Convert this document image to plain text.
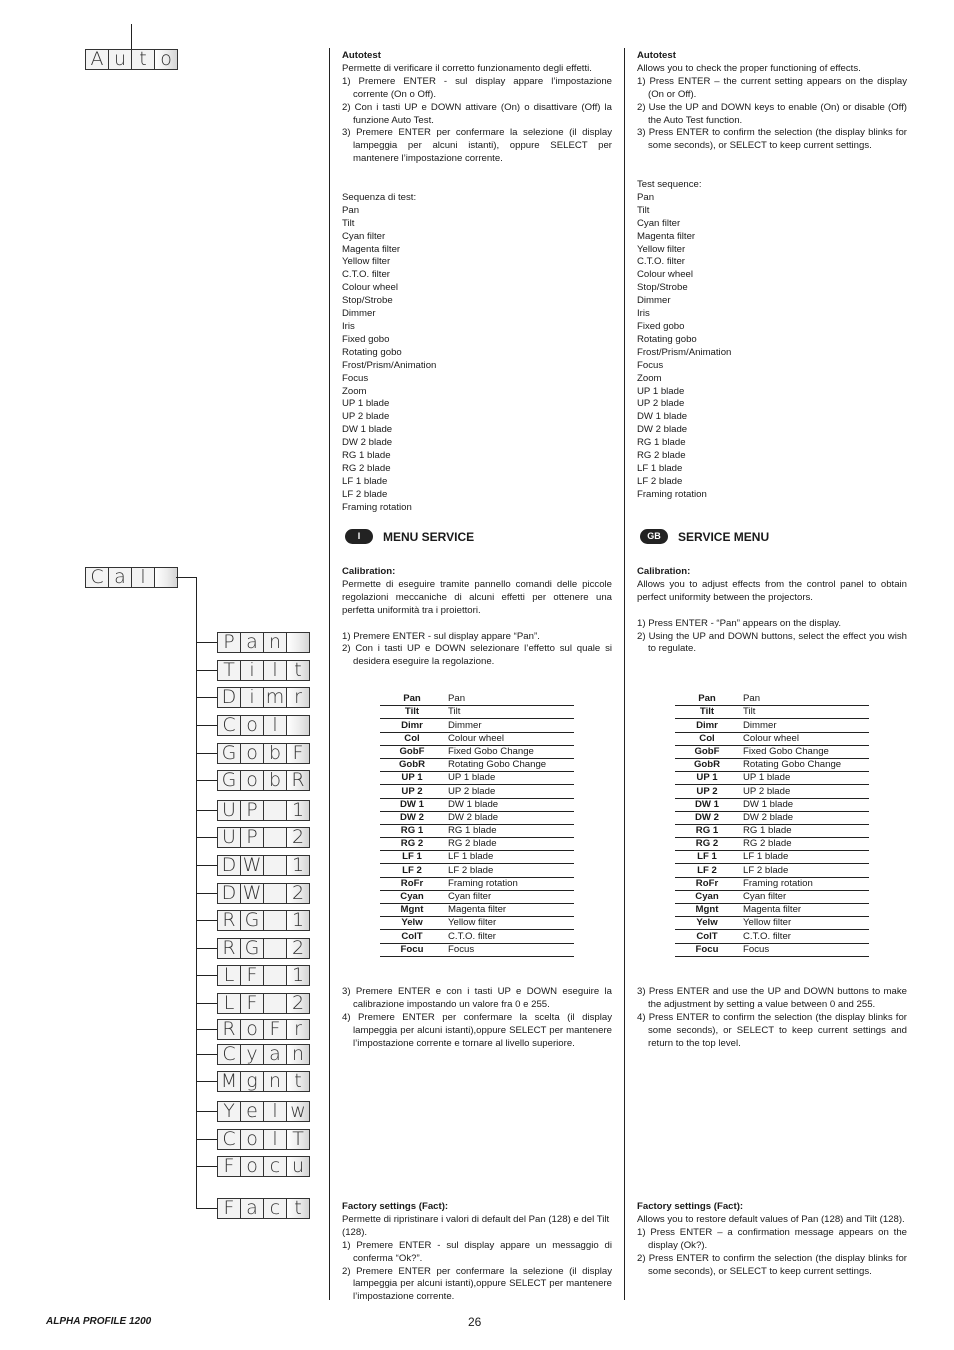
A u t o
C a l
P a n
T i l t
D i m r
C o l
G o b F
G o b R
U P	1
U P	2
D W	1
D W	2
R G	1
R G	2
L F	1
L F	2
R o F r
C y a n
M g n t
Y e l w
C o l T
F o c u
F a c t

Autotest

Permette di verificare il corretto funzionamento degli effetti.

1) Premere ENTER - sul display appare l’impostazione corrente (On o Off).

2) Con i tasti UP e DOWN attivare (On) o disattivare (Off) la funzione Auto Test.

3) Premere ENTER per confermare la selezione (il display lampeggia per alcuni istanti), oppure SELECT per mantenere l’impostazione corrente.

Sequenza di test:

Pan

Tilt

Cyan filter

Magenta filter

Yellow filter

C.T.O. filter

Colour wheel

Stop/Strobe

Dimmer

Iris

Fixed gobo

Rotating gobo

Frost/Prism/Animation

Focus

Zoom

UP 1 blade

UP 2 blade

DW 1 blade

DW 2 blade

RG 1 blade

RG 2 blade

LF 1 blade

LF 2 blade

Framing rotation

I	MENU SERVICE

Calibration:

Permette di eseguire tramite pannello comandi delle piccole regolazioni meccaniche di alcuni effetti per ottenere una perfetta uniformità tra i proiettori.

1) Premere ENTER - sul display appare “Pan”.

2) Con i tasti UP e DOWN selezionare l’effetto sul quale si desidera eseguire la regolazione.

Pan	Pan
Tilt	Tilt
Dimr	Dimmer
Col	Colour wheel
GobF	Fixed Gobo Change
GobR	Rotating Gobo Change
UP 1	UP 1 blade
UP 2	UP 2 blade
DW 1	DW 1 blade
DW 2	DW 2 blade
RG 1	RG 1 blade
RG 2	RG 2 blade
LF 1	LF 1 blade
LF 2	LF 2 blade
RoFr	Framing rotation
Cyan	Cyan filter
Mgnt	Magenta filter
Yelw	Yellow filter
ColT	C.T.O. filter
Focu	Focus

3) Premere ENTER e con i tasti UP e DOWN eseguire la calibrazione impostando un valore fra 0 e 255.

4) Premere ENTER per confermare la scelta (il display lampeggia per alcuni istanti),oppure SELECT per mantenere l’impostazione corrente e tornare al livello superiore.

Factory settings (Fact):

Permette di ripristinare i valori di default del Pan (128) e del Tilt (128).

1) Premere ENTER - sul display appare un messaggio di conferma “Ok?”.

2) Premere ENTER per confermare la selezione (il display lampeggia per alcuni istanti),oppure SELECT per mantenere l’impostazione corrente.

Autotest

Allows you to check the proper functioning of effects.

1) Press ENTER – the current setting appears on the display (On or Off).

2) Use the UP and DOWN keys to enable (On) or disable (Off) the Auto Test function.

3) Press ENTER to confirm the selection (the display blinks for some seconds), or SELECT to keep current settings.

Test sequence:

Pan

Tilt

Cyan filter

Magenta filter

Yellow filter

C.T.O. filter

Colour wheel

Stop/Strobe

Dimmer

Iris

Fixed gobo

Rotating gobo

Frost/Prism/Animation

Focus

Zoom

UP 1 blade

UP 2 blade

DW 1 blade

DW 2 blade

RG 1 blade

RG 2 blade

LF 1 blade

LF 2 blade

Framing rotation

GB	SERVICE MENU

Calibration:

Allows you to adjust effects from the control panel to obtain perfect uniformity between the projectors.

1) Press ENTER - “Pan” appears on the display.

2) Using the UP and DOWN buttons, select the effect you wish to regulate.

Pan	Pan
Tilt	Tilt
Dimr	Dimmer
Col	Colour wheel
GobF	Fixed Gobo Change
GobR	Rotating Gobo Change
UP 1	UP 1 blade
UP 2	UP 2 blade
DW 1	DW 1 blade
DW 2	DW 2 blade
RG 1	RG 1 blade
RG 2	RG 2 blade
LF 1	LF 1 blade
LF 2	LF 2 blade
RoFr	Framing rotation
Cyan	Cyan filter
Mgnt	Magenta filter
Yelw	Yellow filter
ColT	C.T.O. filter
Focu	Focus

3) Press ENTER and use the UP and DOWN buttons to make the adjustment by setting a value between 0 and 255.

4) Press ENTER to confirm the selection (the display blinks for some seconds), or SELECT to keep current settings and return to the top level.

Factory settings (Fact):

Allows you to restore default values of Pan (128) and Tilt (128).

1) Press ENTER – a confirmation message appears on the display (Ok?).

2) Press ENTER to confirm the selection (the display blinks for some seconds), or SELECT to keep current settings.

ALPHA PROFILE 1200	26
